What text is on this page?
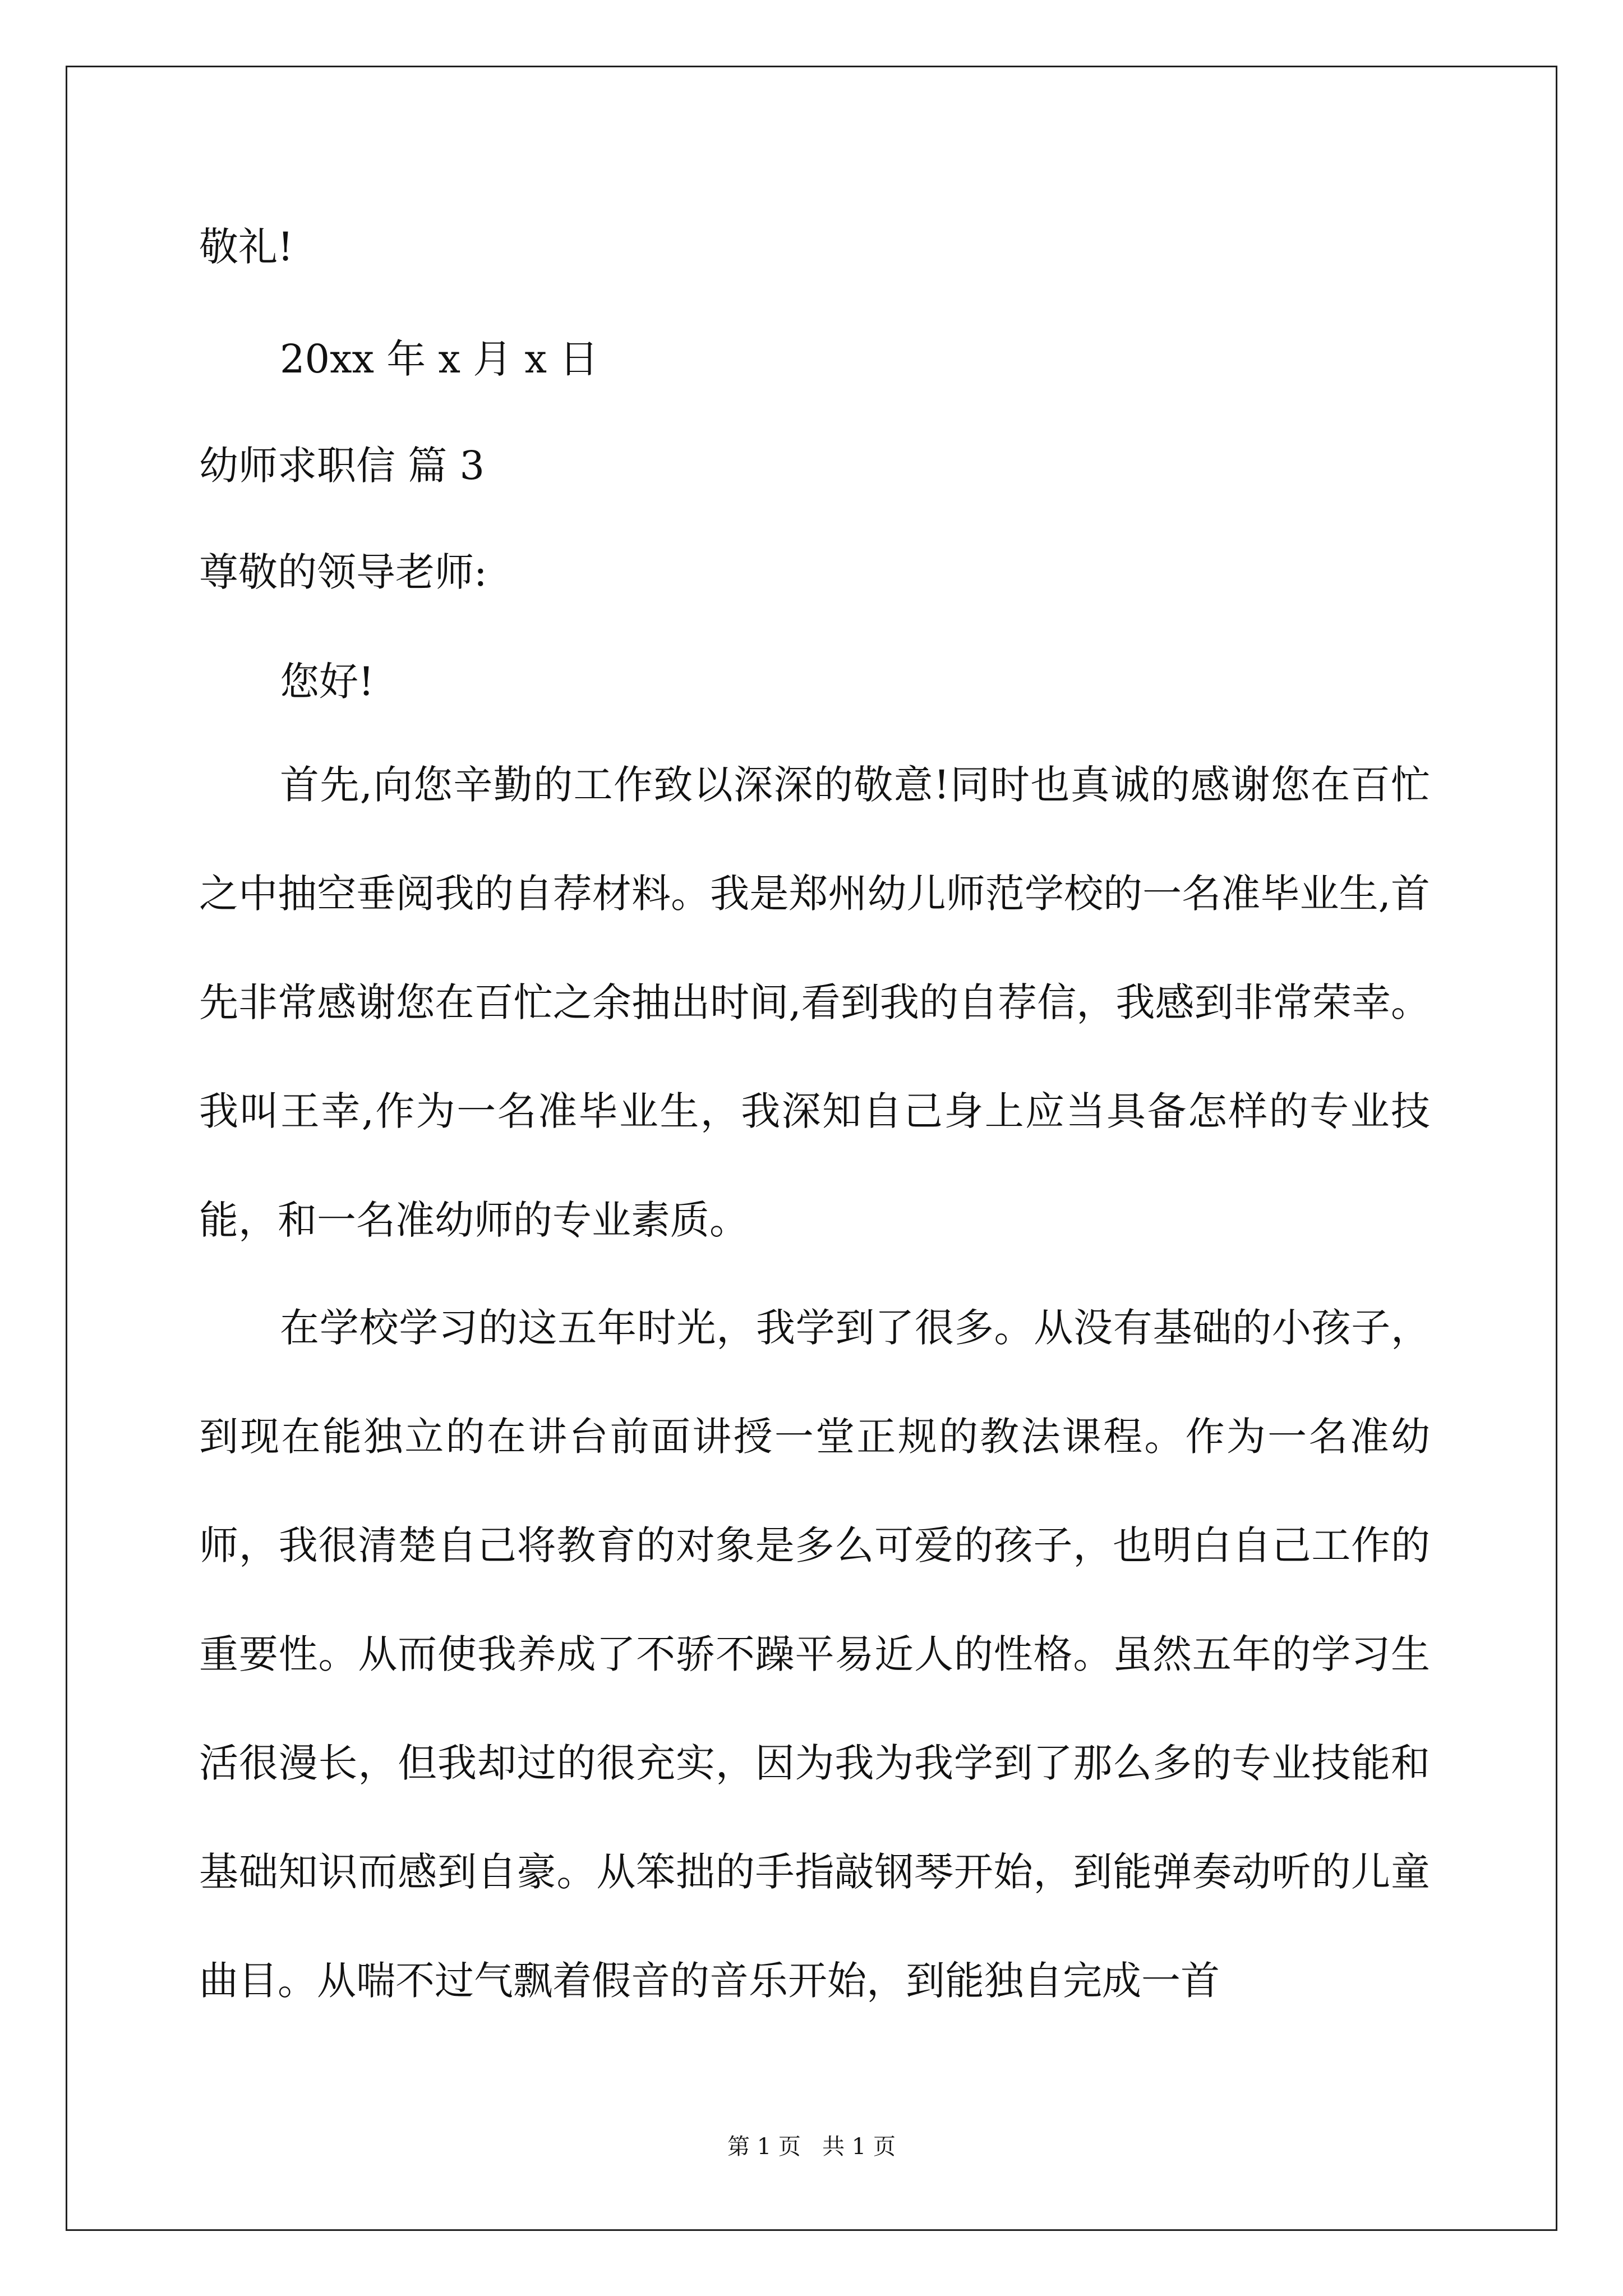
敬礼!

20xx 年 x 月 x 日

幼师求职信 篇 3

尊敬的领导老师:

您好!

首先,向您辛勤的工作致以深深的敬意!同时也真诚的感谢您在百忙之中抽空垂阅我的自荐材料。我是郑州幼儿师范学校的一名准毕业生,首先非常感谢您在百忙之余抽出时间,看到我的自荐信，我感到非常荣幸。我叫王幸,作为一名准毕业生，我深知自己身上应当具备怎样的专业技能，和一名准幼师的专业素质。

在学校学习的这五年时光，我学到了很多。从没有基础的小孩子，到现在能独立的在讲台前面讲授一堂正规的教法课程。作为一名准幼师，我很清楚自己将教育的对象是多么可爱的孩子，也明白自己工作的重要性。从而使我养成了不骄不躁平易近人的性格。虽然五年的学习生活很漫长，但我却过的很充实，因为我为我学到了那么多的专业技能和基础知识而感到自豪。从笨拙的手指敲钢琴开始，到能弹奏动听的儿童曲目。从喘不过气飘着假音的音乐开始，到能独自完成一首

第 1 页   共 1 页
